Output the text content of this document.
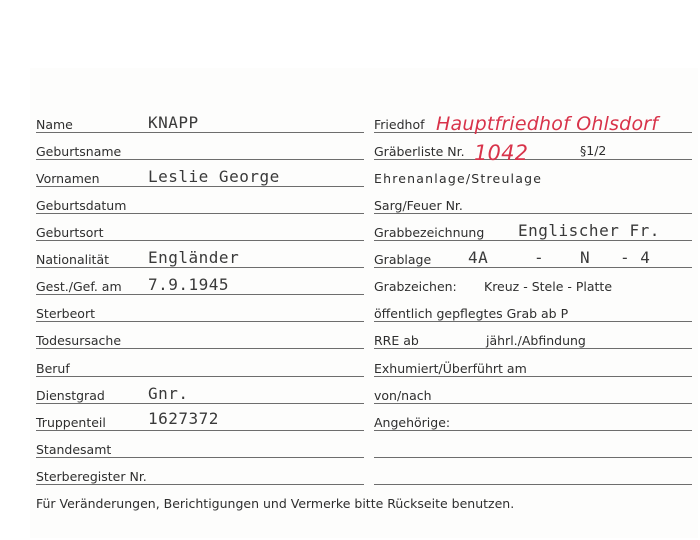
Name	KNAPP
Geburtsname
Vornamen	Leslie George
Geburtsdatum
Geburtsort
Nationalität Engländer
Gest./Gef. am 7.9.1945
Sterbeort
Todesursache
Beruf
Dienstgrad	Gnr.
Truppenteil	1627372
Standesamt
Sterberegister Nr.
Friedhof Hauptfriedhof Ohlsdorf
Gräberliste Nr. 1042	§1/2
Ehrenanlage/Streulage
Sarg/Feuer Nr.
Grabbezeichnung Englischer Fr.
Grablage 4A	- N - 4
Grabzeichen: Kreuz - Stele - Platte
öffentlich gepflegtes Grab ab P
RRE ab	jährl./Abfindung
Exhumiert/Überführt am
von/nach
Angehörige:
Für Veränderungen, Berichtigungen und Vermerke bitte Rückseite benutzen.
